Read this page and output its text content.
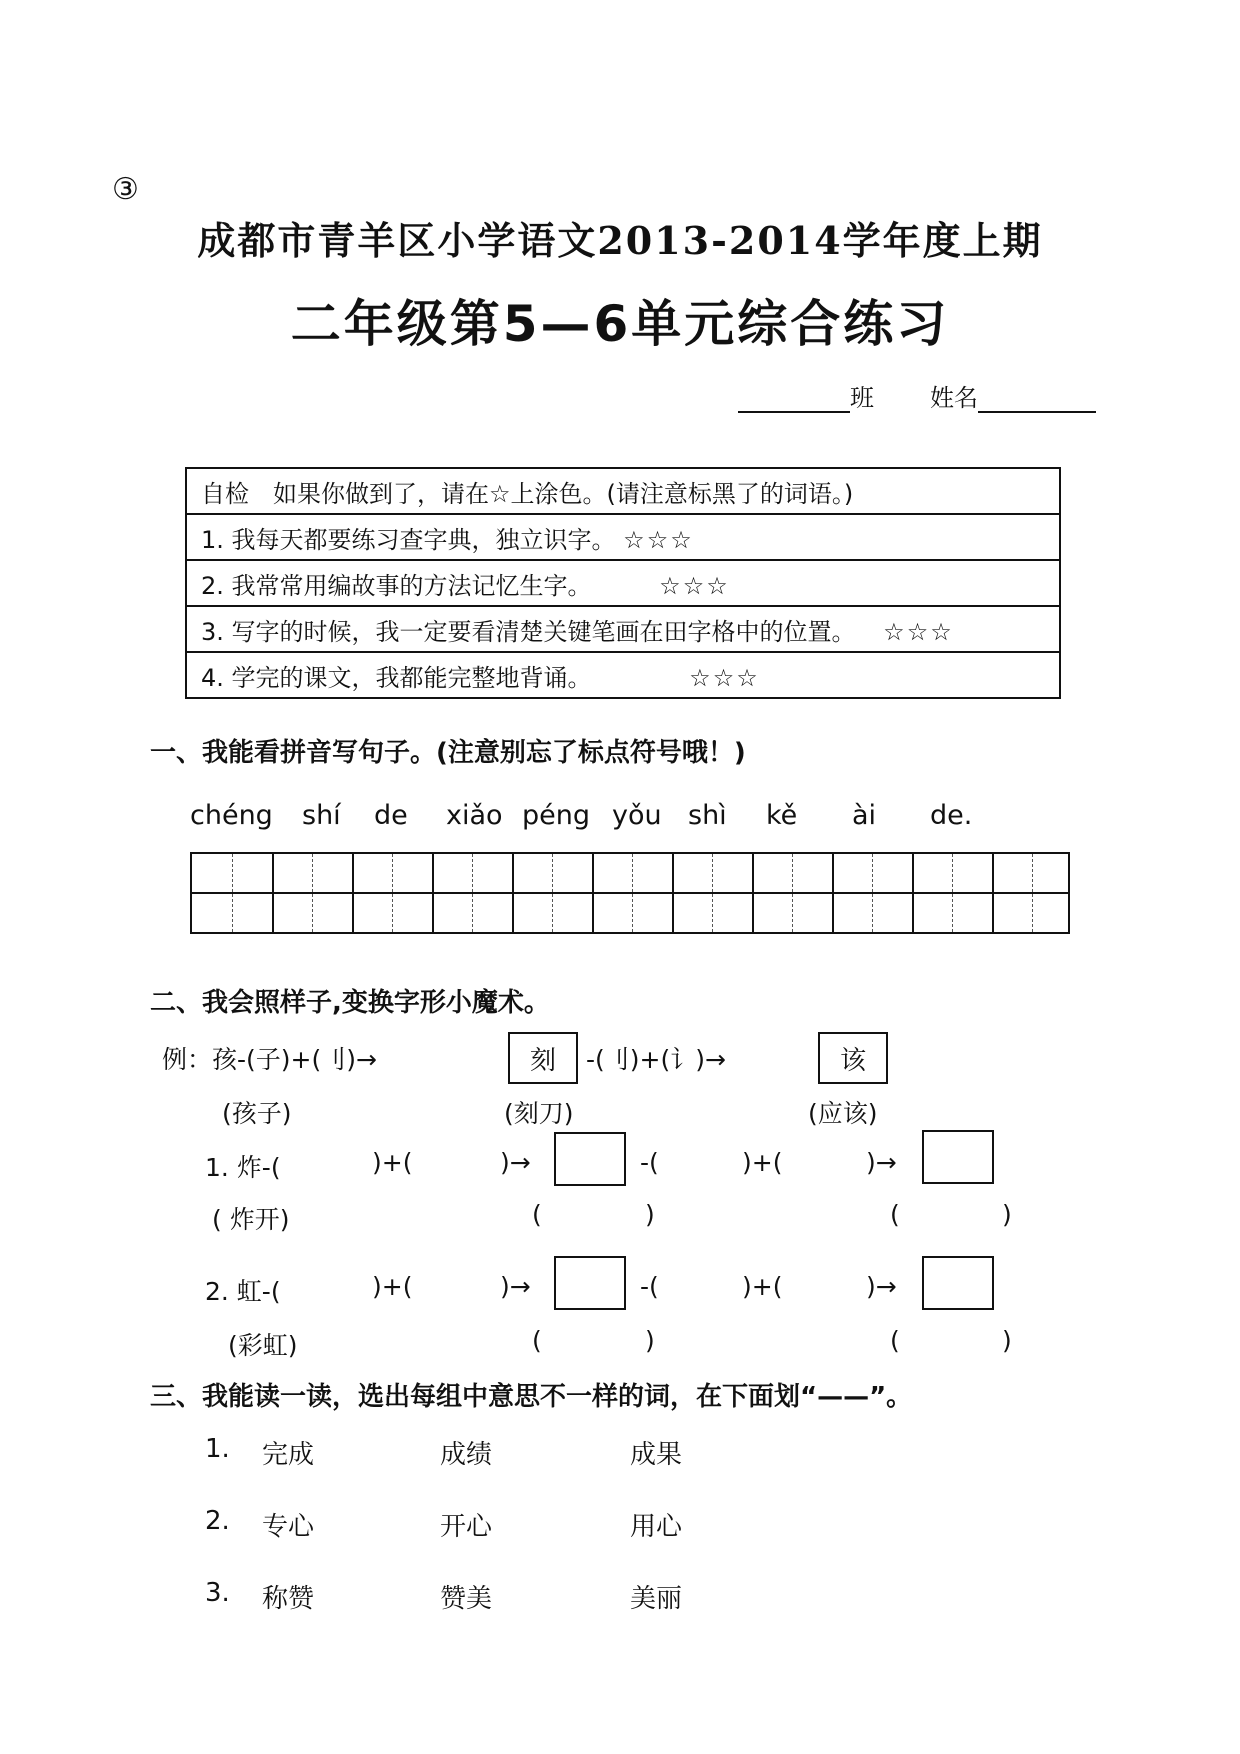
③
成都市青羊区小学语文2013-2014学年度上期
二年级第5—6单元综合练习
班 姓名
自检　如果你做到了，请在☆上涂色。(请注意标黑了的词语。)
1. 我每天都要练习查字典，独立识字。 ☆☆☆
2. 我常常用编故事的方法记忆生字。	☆☆☆
3. 写字的时候，我一定要看清楚关键笔画在田字格中的位置。 ☆☆☆
4. 学完的课文，我都能完整地背诵。	☆☆☆
一、我能看拼音写句子。(注意别忘了标点符号哦！)
chéng shí de xiǎo péng yǒu shì kě ài de.
二、我会照样子,变换字形小魔术。
例：孩-(子)+(刂)→	刻	-(刂)+(讠)→	该
(孩子)	(刻刀)	(应该)
1. 炸-(	)+(	)→	-(	)+(	)→
( 炸开)	(	)	(	)
2. 虹-(	)+(	)→	-(	)+(	)→
(彩虹)	(	)	(	)
三、我能读一读，选出每组中意思不一样的词，在下面划“——”。
1. 完成	成绩	成果
2. 专心	开心	用心
3. 称赞	赞美	美丽
